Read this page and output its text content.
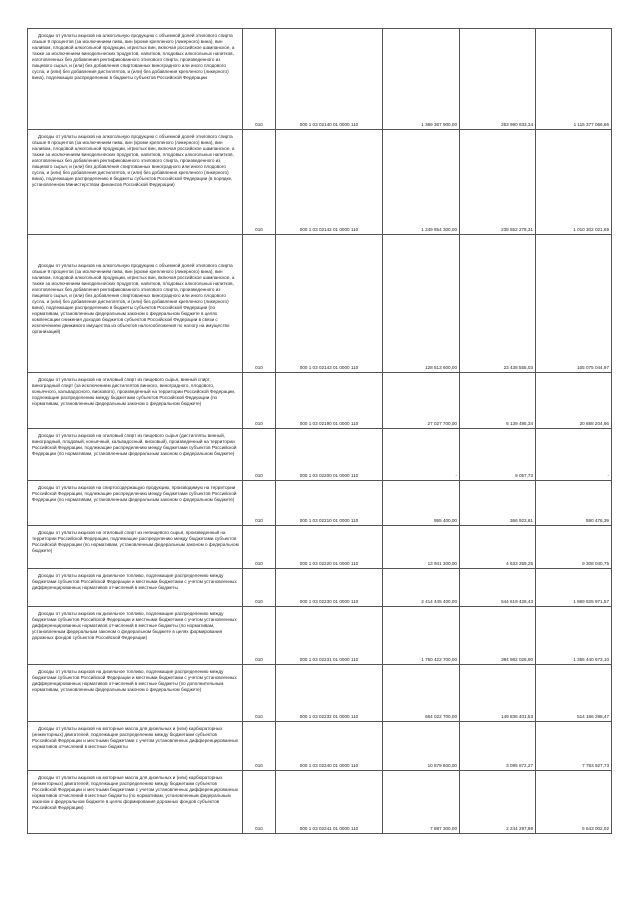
Доходы от уплаты акцизов на алкогольную продукцию с объемной долей этилового спирта свыше 9 процентов (за исключением пива, вин (кроме крепленого (ликерного) вина), вин наливом, плодовой алкогольной продукции, игристых вин, включая российское шампанское, а также за исключением винодельческих продуктов, напитков, плодовых алкогольных напитков, изготовленных без добавления ректификованного этилового спирта, произведенного из пищевого сырья, и (или) без добавления спиртованных виноградного или иного плодового сусла, и (или) без добавления дистиллятов, и (или) без добавления крепленого (ликерного) вина), подлежащих распределению в бюджеты субъектов Российской Федерации	010	000 1 03 02140 01 0000 110	1 369 367 900,00	253 990 833,34	1 115 377 066,66

Доходы от уплаты акцизов на алкогольную продукцию с объемной долей этилового спирта свыше 9 процентов (за исключением пива, вин (кроме крепленого (ликерного) вина), вин наливом, плодовой алкогольной продукции, игристых вин, включая российское шампанское, а также за исключением винодельческих продуктов, напитков, плодовых алкогольных напитков, изготовленных без добавления ректификованного этилового спирта, произведенного из пищевого сырья, и (или) без добавления спиртованных виноградного или иного плодового сусла, и (или) без добавления дистиллятов, и (или) без добавления крепленого (ликерного) вина), подлежащие распределению в бюджеты субъектов Российской Федерации (в порядке, установленном Министерством финансов Российской Федерации)	010	000 1 03 02142 01 0000 110	1 249 854 300,00	239 552 278,31	1 010 302 021,69

Доходы от уплаты акцизов на алкогольную продукцию с объемной долей этилового спирта свыше 9 процентов (за исключением пива, вин (кроме крепленого (ликерного) вина), вин наливом, плодовой алкогольной продукции, игристых вин, включая российское шампанское, а также за исключением винодельческих продуктов, напитков, плодовых алкогольных напитков, изготовленных без добавления ректификованного этилового спирта, произведенного из пищевого сырья, и (или) без добавления спиртованных виноградного или иного плодового сусла, и (или) без добавления дистиллятов, и (или) без добавления крепленого (ликерного) вина), подлежащие распределению в бюджеты субъектов Российской Федерации (по нормативам, установленным федеральным законом о федеральном бюджете в целях компенсации снижения доходов бюджетов субъектов Российской Федерации в связи с исключением движимого имущества из объектов налогообложения по налогу на имущество организаций)	010	000 1 03 02143 01 0000 110	128 513 600,00	23 438 555,03	105 075 044,97

Доходы от уплаты акцизов на этиловый спирт из пищевого сырья, винный спирт, виноградный спирт (за исключением дистиллятов винного, виноградного, плодового, коньячного, кальвадосного, вискового), произведенный на территории Российской Федерации, подлежащие распределению между бюджетами субъектов Российской Федерации (по нормативам, установленным федеральным законом о федеральном бюджете)	010	000 1 03 02190 01 0000 110	27 027 700,00	6 139 495,34	20 888 204,66

Доходы от уплаты акцизов на этиловый спирт из пищевого сырья (дистилляты винный, виноградный, плодовый, коньячный, кальвадосный, висковый), произведенный на территории Российской Федерации, подлежащие распределению между бюджетами субъектов Российской Федерации (по нормативам, установленным федеральным законом о федеральном бюджете)	010	000 1 03 02200 01 0000 110	-	9 057,73	-

Доходы от уплаты акцизов на спиртосодержащую продукцию, производимую на территории Российской Федерации, подлежащие распределению между бюджетами субъектов Российской Федерации (по нормативам, установленным федеральным законом о федеральном бюджете)	010	000 1 03 02210 01 0000 110	955 400,00	366 923,61	590 476,39

Доходы от уплаты акцизов на этиловый спирт из непищевого сырья, произведенный на территории Российской Федерации, подлежащие распределению между бюджетами субъектов Российской Федерации (по нормативам, установленным федеральным законом о федеральном бюджете)	010	000 1 03 02220 01 0000 110	13 941 300,00	4 633 259,25	9 308 040,75

Доходы от уплаты акцизов на дизельное топливо, подлежащие распределению между бюджетами субъектов Российской Федерации и местными бюджетами с учетом установленных дифференцированных нормативов отчислений в местные бюджеты	010	000 1 03 02230 01 0000 110	2 414 445 400,00	544 619 428,43	1 869 825 971,57

Доходы от уплаты акцизов на дизельное топливо, подлежащие распределению между бюджетами субъектов Российской Федерации и местными бюджетами с учетом установленных дифференцированных нормативов отчислений в местные бюджеты (по нормативам, установленным федеральным законом о федеральном бюджете в целях формирования дорожных фондов субъектов Российской Федерации)	010	000 1 03 02231 01 0000 110	1 750 422 700,00	394 982 026,90	1 355 440 673,10

Доходы от уплаты акцизов на дизельное топливо, подлежащие распределению между бюджетами субъектов Российской Федерации и местными бюджетами с учетом установленных дифференцированных нормативов отчислений в местные бюджеты (по дополнительным нормативам, установленным федеральным законом о федеральном бюджете)	010	000 1 03 02232 01 0000 110	664 022 700,00	149 836 401,53	514 186 298,47

Доходы от уплаты акцизов на моторные масла для дизельных и (или) карбюраторных (инжекторных) двигателей, подлежащие распределению между бюджетами субъектов Российской Федерации и местными бюджетами с учетом установленных дифференцированных нормативов отчислений в местные бюджеты	010	000 1 03 02240 01 0000 110	10 879 600,00	3 095 872,27	7 783 927,73

Доходы от уплаты акцизов на моторные масла для дизельных и (или) карбюраторных (инжекторных) двигателей, подлежащие распределению между бюджетами субъектов Российской Федерации и местными бюджетами с учетом установленных дифференцированных нормативов отчислений в местные бюджеты (по нормативам, установленным федеральным законом о федеральном бюджете в целях формирования дорожных фондов субъектов Российской Федерации)	010	000 1 03 02241 01 0000 110	7 887 300,00	2 244 297,98	5 643 002,02
